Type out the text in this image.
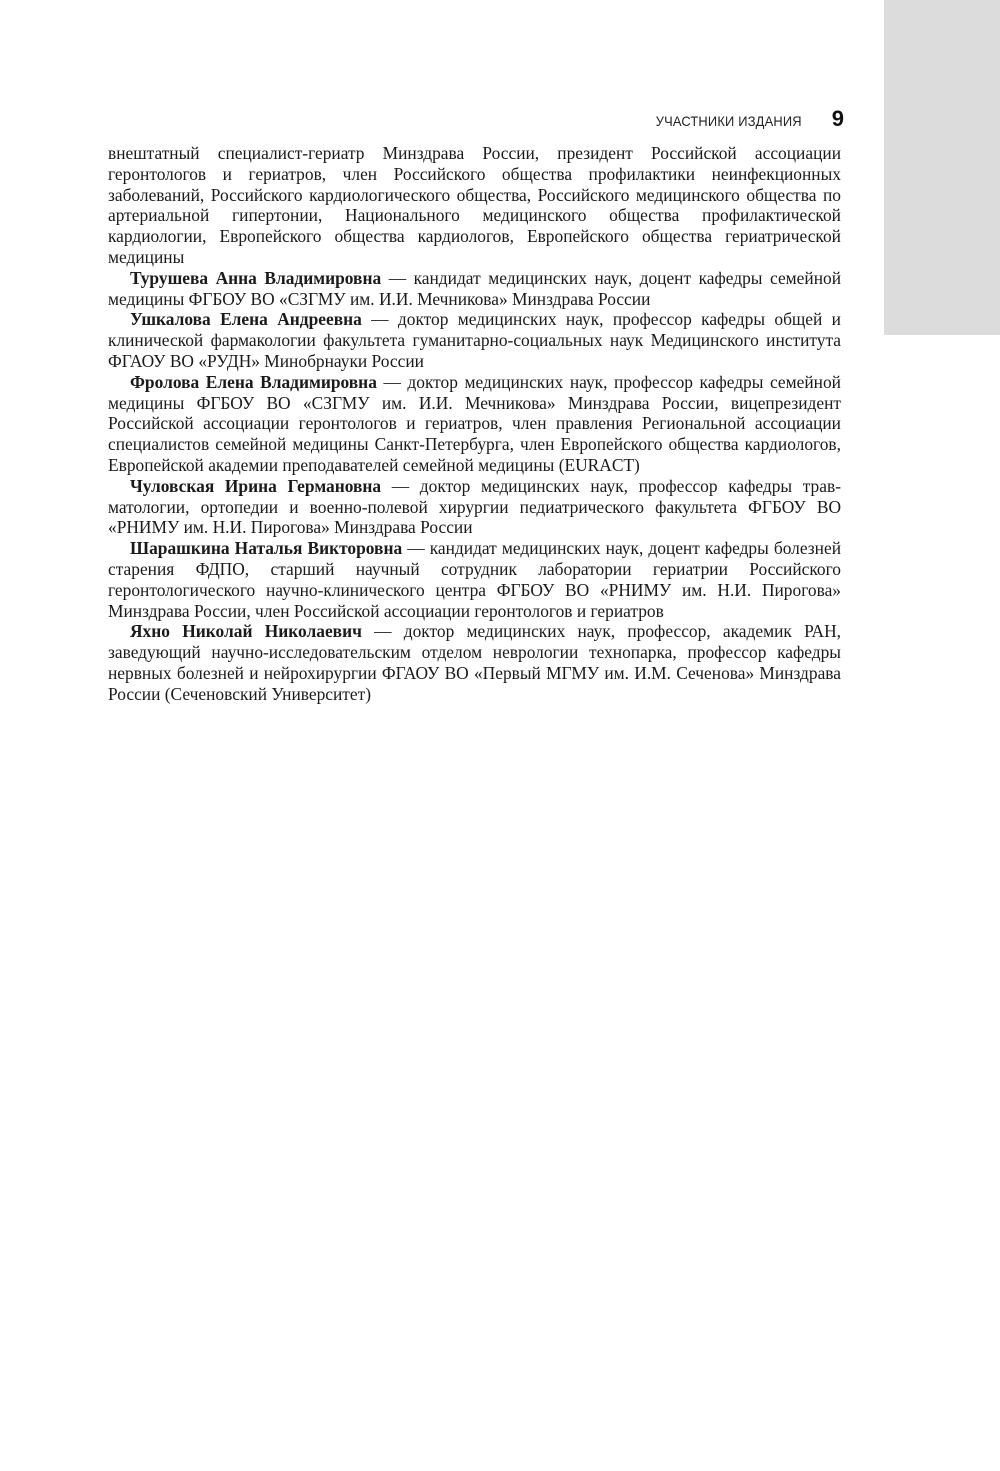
УЧАСТНИКИ ИЗДАНИЯ 9

внештатный специалист-гериатр Минздрава России, президент Российской ассоциации геронтологов и гериатров, член Российского общества профилактики неинфекционных заболеваний, Российского кардиологического общества, Российского медицинского общества по артериальной гипертонии, Национального медицинского общества профилактической кардиологии, Европейского общества кардиологов, Европейского общества гериатрической медицины

Турушева Анна Владимировна — кандидат медицинских наук, доцент кафедры семейной медицины ФГБОУ ВО «СЗГМУ им. И.И. Мечникова» Минздрава России

Ушкалова Елена Андреевна — доктор медицинских наук, профессор кафедры общей и клинической фармакологии факультета гуманитарно-социальных наук Медицинского института ФГАОУ ВО «РУДН» Минобрнауки России

Фролова Елена Владимировна — доктор медицинских наук, профессор кафедры семейной медицины ФГБОУ ВО «СЗГМУ им. И.И. Мечникова» Минздрава России, вицепрезидент Российской ассоциации геронтологов и гериатров, член правления Региональной ассоциации специалистов семейной медицины Санкт-Петербурга, член Европейского общества кардиологов, Европейской академии преподавателей семейной медицины (EURACT)

Чуловская Ирина Германовна — доктор медицинских наук, профессор кафедры травматологии, ортопедии и военно-полевой хирургии педиатрического факультета ФГБОУ ВО «РНИМУ им. Н.И. Пирогова» Минздрава России

Шарашкина Наталья Викторовна — кандидат медицинских наук, доцент кафедры болезней старения ФДПО, старший научный сотрудник лаборатории гериатрии Российского геронтологического научно-клинического центра ФГБОУ ВО «РНИМУ им. Н.И. Пирогова» Минздрава России, член Российской ассоциации геронтологов и гериатров

Яхно Николай Николаевич — доктор медицинских наук, профессор, академик РАН, заведующий научно-исследовательским отделом неврологии технопарка, профессор кафедры нервных болезней и нейрохирургии ФГАОУ ВО «Первый МГМУ им. И.М. Сеченова» Минздрава России (Сеченовский Университет)
